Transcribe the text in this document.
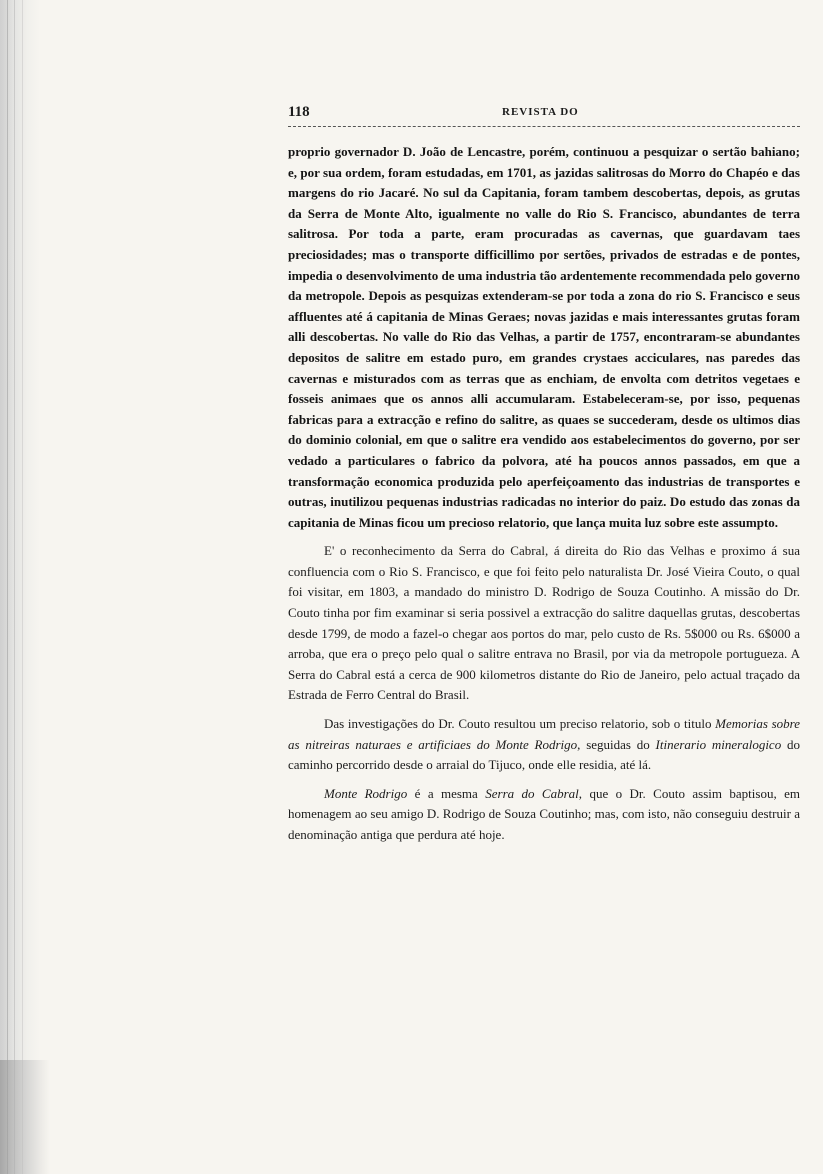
118	REVISTA DO

proprio governador D. João de Lencastre, porém, continuou a pesquizar o sertão bahiano; e, por sua ordem, foram estudadas, em 1701, as jazidas salitrosas do Morro do Chapéo e das margens do rio Jacaré. No sul da Capitania, foram tambem descobertas, depois, as grutas da Serra de Monte Alto, igualmente no valle do Rio S. Francisco, abundantes de terra salitrosa. Por toda a parte, eram procuradas as cavernas, que guardavam taes preciosidades; mas o transporte difficillimo por sertões, privados de estradas e de pontes, impedia o desenvolvimento de uma industria tão ardentemente recommendada pelo governo da metropole. Depois as pesquizas extenderam-se por toda a zona do rio S. Francisco e seus affluentes até á capitania de Minas Geraes; novas jazidas e mais interessantes grutas foram alli descobertas. No valle do Rio das Velhas, a partir de 1757, encontraram-se abundantes depositos de salitre em estado puro, em grandes crystaes acciculares, nas paredes das cavernas e misturados com as terras que as enchiam, de envolta com detritos vegetaes e fosseis animaes que os annos alli accumularam. Estabeleceram-se, por isso, pequenas fabricas para a extracção e refino do salitre, as quaes se succederam, desde os ultimos dias do dominio colonial, em que o salitre era vendido aos estabelecimentos do governo, por ser vedado a particulares o fabrico da polvora, até ha poucos annos passados, em que a transformação economica produzida pelo aperfeiçoamento das industrias de transportes e outras, inutilizou pequenas industrias radicadas no interior do paiz. Do estudo das zonas da capitania de Minas ficou um precioso relatorio, que lança muita luz sobre este assumpto.

E' o reconhecimento da Serra do Cabral, á direita do Rio das Velhas e proximo á sua confluencia com o Rio S. Francisco, e que foi feito pelo naturalista Dr. José Vieira Couto, o qual foi visitar, em 1803, a mandado do ministro D. Rodrigo de Souza Coutinho. A missão do Dr. Couto tinha por fim examinar si seria possivel a extracção do salitre daquellas grutas, descobertas desde 1799, de modo a fazel-o chegar aos portos do mar, pelo custo de Rs. 5$000 ou Rs. 6$000 a arroba, que era o preço pelo qual o salitre entrava no Brasil, por via da metropole portugueza. A Serra do Cabral está a cerca de 900 kilometros distante do Rio de Janeiro, pelo actual traçado da Estrada de Ferro Central do Brasil.

Das investigações do Dr. Couto resultou um preciso relatorio, sob o titulo Memorias sobre as nitreiras naturaes e artificiaes do Monte Rodrigo, seguidas do Itinerario mineralogico do caminho percorrido desde o arraial do Tijuco, onde elle residia, até lá.

Monte Rodrigo é a mesma Serra do Cabral, que o Dr. Couto assim baptisou, em homenagem ao seu amigo D. Rodrigo de Souza Coutinho; mas, com isto, não conseguiu destruir a denominação antiga que perdura até hoje.
